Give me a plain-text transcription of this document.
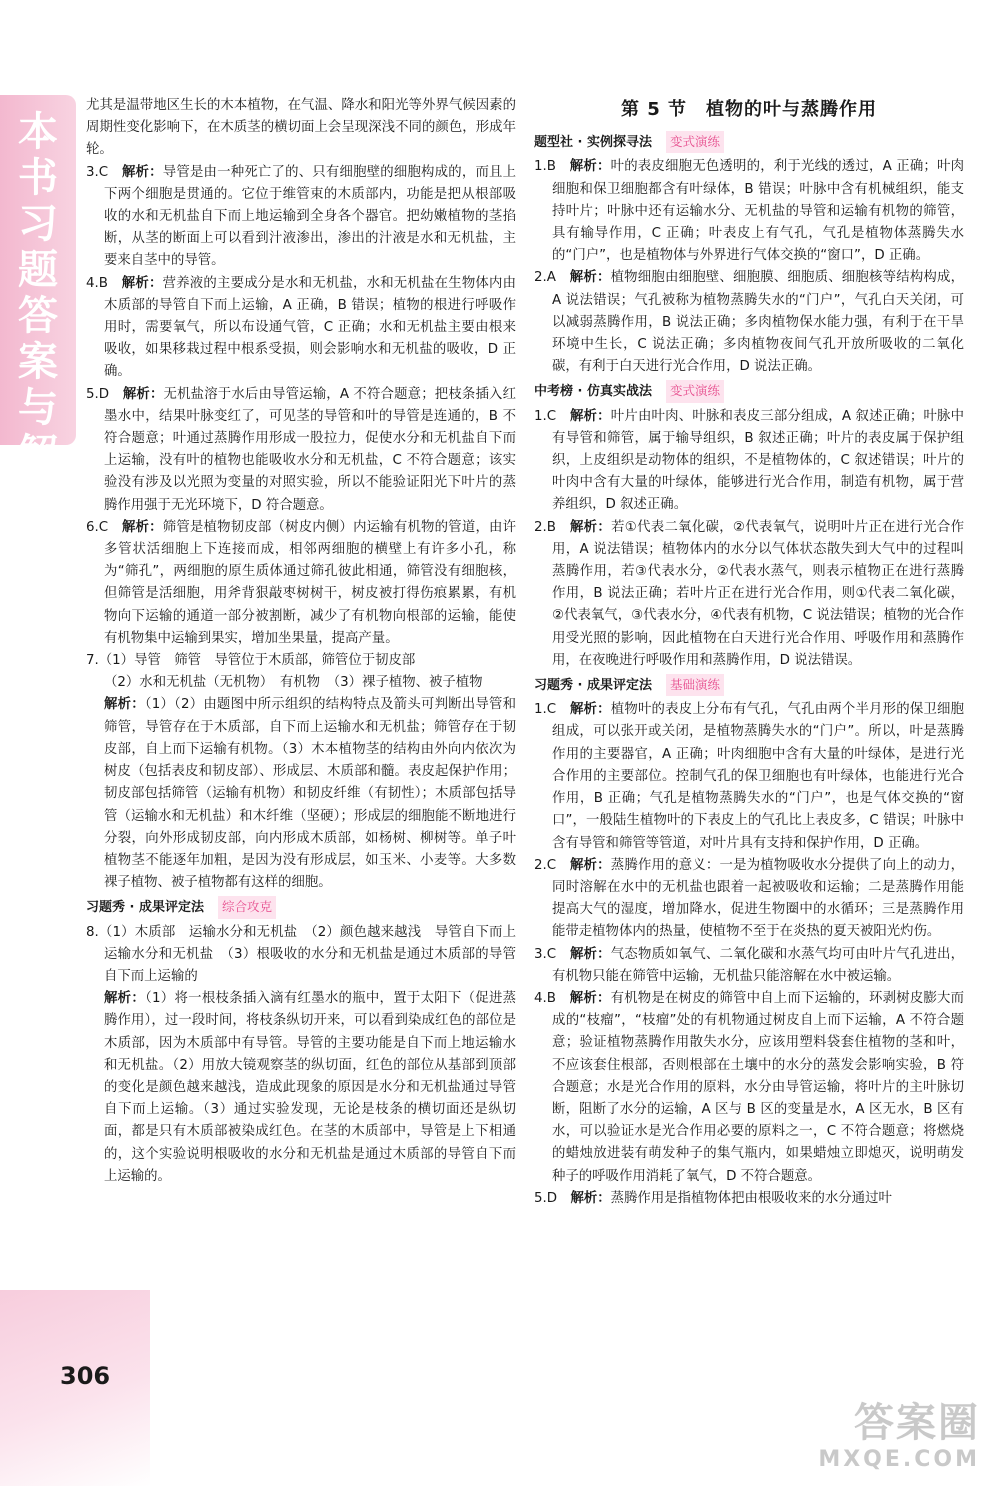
本书习题答案与解析
306

尤其是温带地区生长的木本植物，在气温、降水和阳光等外界气候因素的周期性变化影响下，在木质茎的横切面上会呈现深浅不同的颜色，形成年轮。

3.C　 解析：导管是由一种死亡了的、只有细胞壁的细胞构成的，而且上下两个细胞是贯通的。它位于维管束的木质部内，功能是把从根部吸收的水和无机盐自下而上地运输到全身各个器官。把幼嫩植物的茎掐断，从茎的断面上可以看到汁液渗出，渗出的汁液是水和无机盐，主要来自茎中的导管。

4.B　 解析：营养液的主要成分是水和无机盐，水和无机盐在生物体内由木质部的导管自下而上运输，A 正确，B 错误；植物的根进行呼吸作用时，需要氧气，所以布设通气管，C 正确；水和无机盐主要由根来吸收，如果移栽过程中根系受损，则会影响水和无机盐的吸收，D 正确。

5.D　 解析：无机盐溶于水后由导管运输，A 不符合题意；把枝条插入红墨水中，结果叶脉变红了，可见茎的导管和叶的导管是连通的，B 不符合题意；叶通过蒸腾作用形成一股拉力，促使水分和无机盐自下而上运输，没有叶的植物也能吸收水分和无机盐，C 不符合题意；该实验没有涉及以光照为变量的对照实验，所以不能验证阳光下叶片的蒸腾作用强于无光环境下，D 符合题意。

6.C　 解析：筛管是植物韧皮部（树皮内侧）内运输有机物的管道，由许多管状活细胞上下连接而成，相邻两细胞的横壁上有许多小孔，称为“筛孔”，两细胞的原生质体通过筛孔彼此相通，筛管没有细胞核，但筛管是活细胞，用斧背狠敲枣树树干，树皮被打得伤痕累累，有机物向下运输的通道一部分被割断，减少了有机物向根部的运输，能使有机物集中运输到果实，增加坐果量，提高产量。

7.（1）导管　筛管　导管位于木质部，筛管位于韧皮部

（2）水和无机盐（无机物）　有机物　（3）裸子植物、被子植物

解析：（1）（2）由题图中所示组织的结构特点及箭头可判断出导管和筛管，导管存在于木质部，自下而上运输水和无机盐；筛管存在于韧皮部，自上而下运输有机物。（3）木本植物茎的结构由外向内依次为树皮（包括表皮和韧皮部）、形成层、木质部和髓。表皮起保护作用；韧皮部包括筛管（运输有机物）和韧皮纤维（有韧性）；木质部包括导管（运输水和无机盐）和木纤维（坚硬）；形成层的细胞能不断地进行分裂，向外形成韧皮部，向内形成木质部，如杨树、柳树等。单子叶植物茎不能逐年加粗，是因为没有形成层，如玉米、小麦等。大多数裸子植物、被子植物都有这样的细胞。

习题秀 · 成果评定法 综合攻克

8.（1）木质部　运输水分和无机盐　（2）颜色越来越浅　导管自下而上运输水分和无机盐　（3）根吸收的水分和无机盐是通过木质部的导管自下而上运输的

解析：（1）将一根枝条插入滴有红墨水的瓶中，置于太阳下（促进蒸腾作用），过一段时间，将枝条纵切开来，可以看到染成红色的部位是木质部，因为木质部中有导管。导管的主要功能是自下而上地运输水和无机盐。（2）用放大镜观察茎的纵切面，红色的部位从基部到顶部的变化是颜色越来越浅，造成此现象的原因是水分和无机盐通过导管自下而上运输。（3）通过实验发现，无论是枝条的横切面还是纵切面，都是只有木质部被染成红色。在茎的木质部中，导管是上下相通的，这个实验说明根吸收的水分和无机盐是通过木质部的导管自下而上运输的。

第 5 节　植物的叶与蒸腾作用

题型社 · 实例探寻法 变式演练

1.B　 解析：叶的表皮细胞无色透明的，利于光线的透过，A 正确；叶肉细胞和保卫细胞都含有叶绿体，B 错误；叶脉中含有机械组织，能支持叶片；叶脉中还有运输水分、无机盐的导管和运输有机物的筛管，具有输导作用，C 正确；叶表皮上有气孔，气孔是植物体蒸腾失水的“门户”，也是植物体与外界进行气体交换的“窗口”，D 正确。

2.A　 解析：植物细胞由细胞壁、细胞膜、细胞质、细胞核等结构构成，A 说法错误；气孔被称为植物蒸腾失水的“门户”，气孔白天关闭，可以减弱蒸腾作用，B 说法正确；多肉植物保水能力强，有利于在干旱环境中生长，C 说法正确；多肉植物夜间气孔开放所吸收的二氧化碳，有利于白天进行光合作用，D 说法正确。

中考榜 · 仿真实战法 变式演练

1.C　 解析：叶片由叶肉、叶脉和表皮三部分组成，A 叙述正确；叶脉中有导管和筛管，属于输导组织，B 叙述正确；叶片的表皮属于保护组织，上皮组织是动物体的组织，不是植物体的，C 叙述错误；叶片的叶肉中含有大量的叶绿体，能够进行光合作用，制造有机物，属于营养组织，D 叙述正确。

2.B　 解析：若①代表二氧化碳，②代表氧气，说明叶片正在进行光合作用，A 说法错误；植物体内的水分以气体状态散失到大气中的过程叫蒸腾作用，若③代表水分，②代表水蒸气，则表示植物正在进行蒸腾作用，B 说法正确；若叶片正在进行光合作用，则①代表二氧化碳，②代表氧气，③代表水分，④代表有机物，C 说法错误；植物的光合作用受光照的影响，因此植物在白天进行光合作用、呼吸作用和蒸腾作用，在夜晚进行呼吸作用和蒸腾作用，D 说法错误。

习题秀 · 成果评定法 基础演练

1.C　 解析：植物叶的表皮上分布有气孔，气孔由两个半月形的保卫细胞组成，可以张开或关闭，是植物蒸腾失水的“门户”。所以，叶是蒸腾作用的主要器官，A 正确；叶肉细胞中含有大量的叶绿体，是进行光合作用的主要部位。控制气孔的保卫细胞也有叶绿体，也能进行光合作用，B 正确；气孔是植物蒸腾失水的“门户”，也是气体交换的“窗口”，一般陆生植物叶的下表皮上的气孔比上表皮多，C 错误；叶脉中含有导管和筛管等管道，对叶片具有支持和保护作用，D 正确。

2.C　 解析：蒸腾作用的意义：一是为植物吸收水分提供了向上的动力，同时溶解在水中的无机盐也跟着一起被吸收和运输；二是蒸腾作用能提高大气的湿度，增加降水，促进生物圈中的水循环；三是蒸腾作用能带走植物体内的热量，使植物不至于在炎热的夏天被阳光灼伤。

3.C　 解析：气态物质如氧气、二氧化碳和水蒸气均可由叶片气孔进出，有机物只能在筛管中运输，无机盐只能溶解在水中被运输。

4.B　 解析：有机物是在树皮的筛管中自上而下运输的，环剥树皮膨大而成的“枝瘤”，“枝瘤”处的有机物通过树皮自上而下运输，A 不符合题意；验证植物蒸腾作用散失水分，应该用塑料袋套住植物的茎和叶，不应该套住根部，否则根部在土壤中的水分的蒸发会影响实验，B 符合题意；水是光合作用的原料，水分由导管运输，将叶片的主叶脉切断，阻断了水分的运输，A 区与 B 区的变量是水，A 区无水，B 区有水，可以验证水是光合作用必要的原料之一，C 不符合题意；将燃烧的蜡烛放进装有萌发种子的集气瓶内，如果蜡烛立即熄灭，说明萌发种子的呼吸作用消耗了氧气，D 不符合题意。

5.D　 解析：蒸腾作用是指植物体把由根吸收来的水分通过叶

答案圈
MXQE.COM
